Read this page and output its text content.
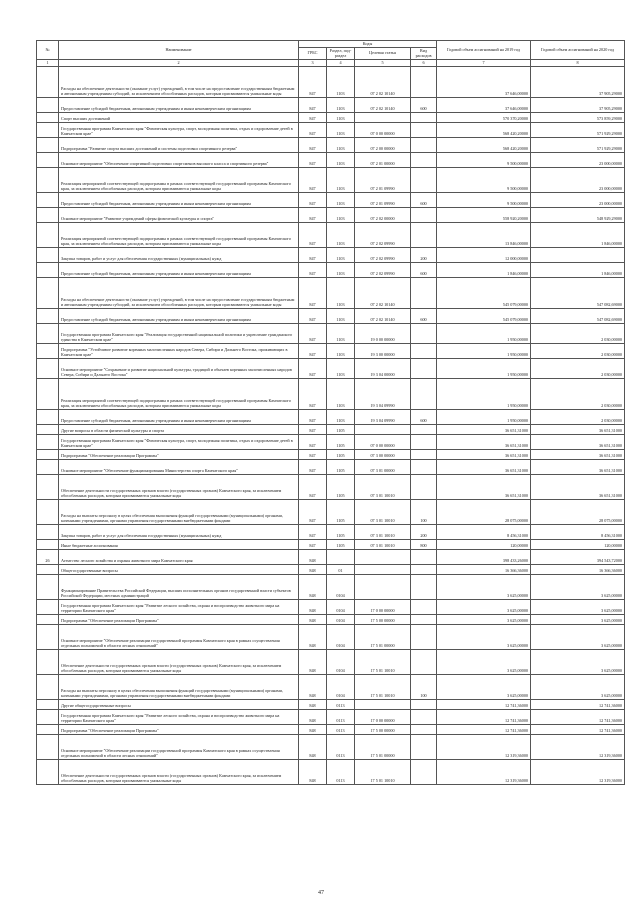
№	Наименование	Коды				Годовой объем ассигнований на 2019 год	Годовой объем ассигнований на 2020 год
		ГРБС	Раздел, под-раздел	Целевая статья	Вид расходов		
1	2	3	4	5	6	7	8
	Расходы на обеспечение деятельности (оказание услуг) учреждений, в том числе на предоставление государственным бюджетным и автономным учреждениям субсидий, за исключением обособленных расходов, которым присваиваются уникальные коды	847	1103	07 2 02 10140		37 646,00000	37 905,29000
	Предоставление субсидий бюджетным, автономным учреждениям и иным некоммерческим организациям	847	1103	07 2 02 10140	600	37 646,00000	37 905,29000
	Спорт высших достижений	847	1103			570 370,20000	573 859,29000
	Государственная программа Камчатского края "Физическая культура, спорт, молодежная политика, отдых и оздоровление детей в Камчатском крае"	847	1103	07 0 00 00000		568 420,20000	571 929,29000
	Подпрограмма "Развитие спорта высших достижений и системы подготовки спортивного резерва"	847	1103	07 2 00 00000		568 420,20000	571 929,29000
	Основное мероприятие "Обеспечение спортивной подготовки спортсменов высокого класса и спортивного резерва"	847	1103	07 2 01 00000		9 500,00000	23 000,00000
	Реализация мероприятий соответствующей подпрограммы в рамках соответствующей государственной программы Камчатского края, за исключением обособленных расходов, которым присваиваются уникальные коды	847	1103	07 2 01 09990		9 500,00000	23 000,00000
	Предоставление субсидий бюджетным, автономным учреждениям и иным некоммерческим организациям	847	1103	07 2 01 09990	600	9 500,00000	23 000,00000
	Основное мероприятие "Развитие учреждений сферы физической культуры и спорта"	847	1103	07 2 02 00000		558 920,20000	548 929,29000
	Реализация мероприятий соответствующей подпрограммы в рамках соответствующей государственной программы Камчатского края, за исключением обособленных расходов, которым присваиваются уникальные коды	847	1103	07 2 02 09990		13 846,00000	1 846,00000
	Закупка товаров, работ и услуг для обеспечения государственных (муниципальных) нужд	847	1103	07 2 02 09990	200	12 000,00000	
	Предоставление субсидий бюджетным, автономным учреждениям и иным некоммерческим организациям	847	1103	07 2 02 09990	600	1 846,00000	1 846,00000
	Расходы на обеспечение деятельности (оказание услуг) учреждений, в том числе на предоставление государственным бюджетным и автономным учреждениям субсидий, за исключением обособленных расходов, которым присваиваются уникальные коды	847	1103	07 2 02 10140		545 079,00000	547 082,69000
	Предоставление субсидий бюджетным, автономным учреждениям и иным некоммерческим организациям	847	1103	07 2 02 10140	600	545 079,00000	547 082,69000
	Государственная программа Камчатского края "Реализация государственной национальной политики и укрепление гражданского единства в Камчатском крае"	847	1103	19 0 00 00000		1 950,00000	2 030,00000
	Подпрограмма "Устойчивое развитие коренных малочисленных народов Севера, Сибири и Дальнего Востока, проживающих в Камчатском крае"	847	1103	19 3 00 00000		1 950,00000	2 030,00000
	Основное мероприятие "Сохранение и развитие национальной культуры, традиций и обычаев коренных малочисленных народов Севера, Сибири и Дальнего Востока"	847	1103	19 3 04 00000		1 950,00000	2 030,00000
	Реализация мероприятий соответствующей подпрограммы в рамках соответствующей государственной программы Камчатского края, за исключением обособленных расходов, которым присваиваются уникальные коды	847	1103	19 3 04 09990		1 950,00000	2 030,00000
	Предоставление субсидий бюджетным, автономным учреждениям и иным некоммерческим организациям	847	1103	19 3 04 09990	600	1 950,00000	2 030,00000
	Другие вопросы в области физической культуры и спорта	847	1105			36 651,31000	36 651,31000
	Государственная программа Камчатского края "Физическая культура, спорт, молодежная политика, отдых и оздоровление детей в Камчатском крае"	847	1105	07 0 00 00000		36 651,31000	36 651,31000
	Подпрограмма "Обеспечение реализации Программы"	847	1105	07 3 00 00000		36 651,31000	36 651,31000
	Основное мероприятие "Обеспечение функционирования Министерства спорта Камчатского края"	847	1105	07 3 01 00000		36 651,31000	36 651,31000
	Обеспечение деятельности государственных органов власти (государственных органов) Камчатского края, за исключением обособленных расходов, которым присваиваются уникальные коды	847	1105	07 3 01 10010		36 651,31000	36 651,31000
	Расходы на выплаты персоналу в целях обеспечения выполнения функций государственными (муниципальными) органами, казенными учреждениями, органами управления государственными внебюджетными фондами	847	1105	07 3 01 10010	100	28 075,00000	28 075,00000
	Закупка товаров, работ и услуг для обеспечения государственных (муниципальных) нужд	847	1105	07 3 01 10010	200	8 456,31000	8 456,31000
	Иные бюджетные ассигнования	847	1105	07 3 01 10010	800	120,00000	120,00000
26	Агентство лесного хозяйства и охраны животного мира Камчатского края	848				398 433,26000	394 543,72000
	Общегосударственные вопросы	848	01			16 366,36000	16 366,36000
	Функционирование Правительства Российской Федерации, высших исполнительных органов государственной власти субъектов Российской Федерации, местных администраций	848	0104			3 625,00000	3 625,00000
	Государственная программа Камчатского края "Развитие лесного хозяйства, охрана и воспроизводство животного мира на территории Камчатского края"	848	0104	17 0 00 00000		3 625,00000	3 625,00000
	Подпрограмма "Обеспечение реализации Программы"	848	0104	17 5 00 00000		3 625,00000	3 625,00000
	Основное мероприятие "Обеспечение реализации государственной программы Камчатского края в рамках осуществления отдельных полномочий в области лесных отношений"	848	0104	17 5 01 00000		3 625,00000	3 625,00000
	Обеспечение деятельности государственных органов власти (государственных органов) Камчатского края, за исключением обособленных расходов, которым присваиваются уникальные коды	848	0104	17 5 01 10010		3 625,00000	3 625,00000
	Расходы на выплаты персоналу в целях обеспечения выполнения функций государственными (муниципальными) органами, казенными учреждениями, органами управления государственными внебюджетными фондами	848	0104	17 5 01 10010	100	3 625,00000	3 625,00000
	Другие общегосударственные вопросы	848	0113			12 741,36000	12 741,36000
	Государственная программа Камчатского края "Развитие лесного хозяйства, охрана и воспроизводство животного мира на территории Камчатского края"	848	0113	17 0 00 00000		12 741,36000	12 741,36000
	Подпрограмма "Обеспечение реализации Программы"	848	0113	17 5 00 00000		12 741,36000	12 741,36000
	Основное мероприятие "Обеспечение реализации государственной программы Камчатского края в рамках осуществления отдельных полномочий в области лесных отношений"	848	0113	17 5 01 00000		12 319,36000	12 319,36000
	Обеспечение деятельности государственных органов власти (государственных органов) Камчатского края, за исключением обособленных расходов, которым присваиваются уникальные коды	848	0113	17 5 01 10010		12 319,36000	12 319,36000
47
